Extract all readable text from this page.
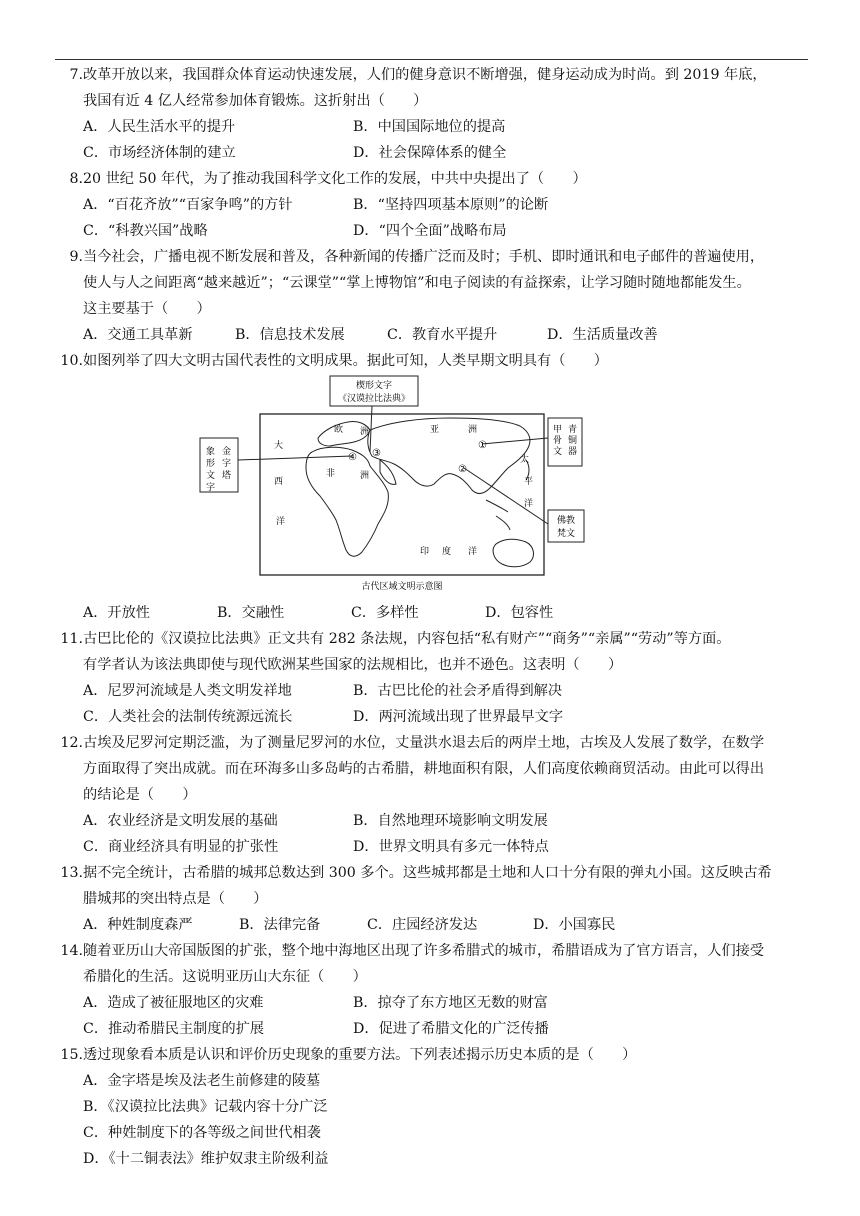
7.改革开放以来，我国群众体育运动快速发展，人们的健身意识不断增强，健身运动成为时尚。到 2019 年底，
我国有近 4 亿人经常参加体育锻炼。这折射出（　　）
A．人民生活水平的提升	B．中国国际地位的提高
C．市场经济体制的建立	D．社会保障体系的健全
8.20 世纪 50 年代，为了推动我国科学文化工作的发展，中共中央提出了（　　）
A．“百花齐放”“百家争鸣”的方针	B．“坚持四项基本原则”的论断
C．“科教兴国”战略	D．“四个全面”战略布局
9.当今社会，广播电视不断发展和普及，各种新闻的传播广泛而及时；手机、即时通讯和电子邮件的普遍使用，
使人与人之间距离“越来越近”；“云课堂”“掌上博物馆”和电子阅读的有益探索，让学习随时随地都能发生。
这主要基于（　　）
A．交通工具革新	B．信息技术发展	C．教育水平提升	D．生活质量改善
10.如图列举了四大文明古国代表性的文明成果。据此可知，人类早期文明具有（　　）
楔形文字
《汉谟拉比法典》
象形文字
金字塔
甲骨文
青铜器
佛教
梵文
欧 洲	亚	洲
非	洲
大
西
洋
印 度 洋
太
平
洋
①
②
③
④
古代区域文明示意图
A．开放性	B．交融性	C．多样性	D．包容性
11.古巴比伦的《汉谟拉比法典》正文共有 282 条法规，内容包括“私有财产”“商务”“亲属”“劳动”等方面。
有学者认为该法典即使与现代欧洲某些国家的法规相比，也并不逊色。这表明（　　）
A．尼罗河流域是人类文明发祥地	B．古巴比伦的社会矛盾得到解决
C．人类社会的法制传统源远流长	D．两河流域出现了世界最早文字
12.古埃及尼罗河定期泛滥，为了测量尼罗河的水位，丈量洪水退去后的两岸土地，古埃及人发展了数学，在数学
方面取得了突出成就。而在环海多山多岛屿的古希腊，耕地面积有限，人们高度依赖商贸活动。由此可以得出
的结论是（　　）
A．农业经济是文明发展的基础	B．自然地理环境影响文明发展
C．商业经济具有明显的扩张性	D．世界文明具有多元一体特点
13.据不完全统计，古希腊的城邦总数达到 300 多个。这些城邦都是土地和人口十分有限的弹丸小国。这反映古希
腊城邦的突出特点是（　　）
A．种姓制度森严	B．法律完备	C．庄园经济发达	D．小国寡民
14.随着亚历山大帝国版图的扩张，整个地中海地区出现了许多希腊式的城市，希腊语成为了官方语言，人们接受
希腊化的生活。这说明亚历山大东征（　　）
A．造成了被征服地区的灾难	B．掠夺了东方地区无数的财富
C．推动希腊民主制度的扩展	D．促进了希腊文化的广泛传播
15.透过现象看本质是认识和评价历史现象的重要方法。下列表述揭示历史本质的是（　　）
A．金字塔是埃及法老生前修建的陵墓
B．《汉谟拉比法典》记载内容十分广泛
C．种姓制度下的各等级之间世代相袭
D．《十二铜表法》维护奴隶主阶级利益
